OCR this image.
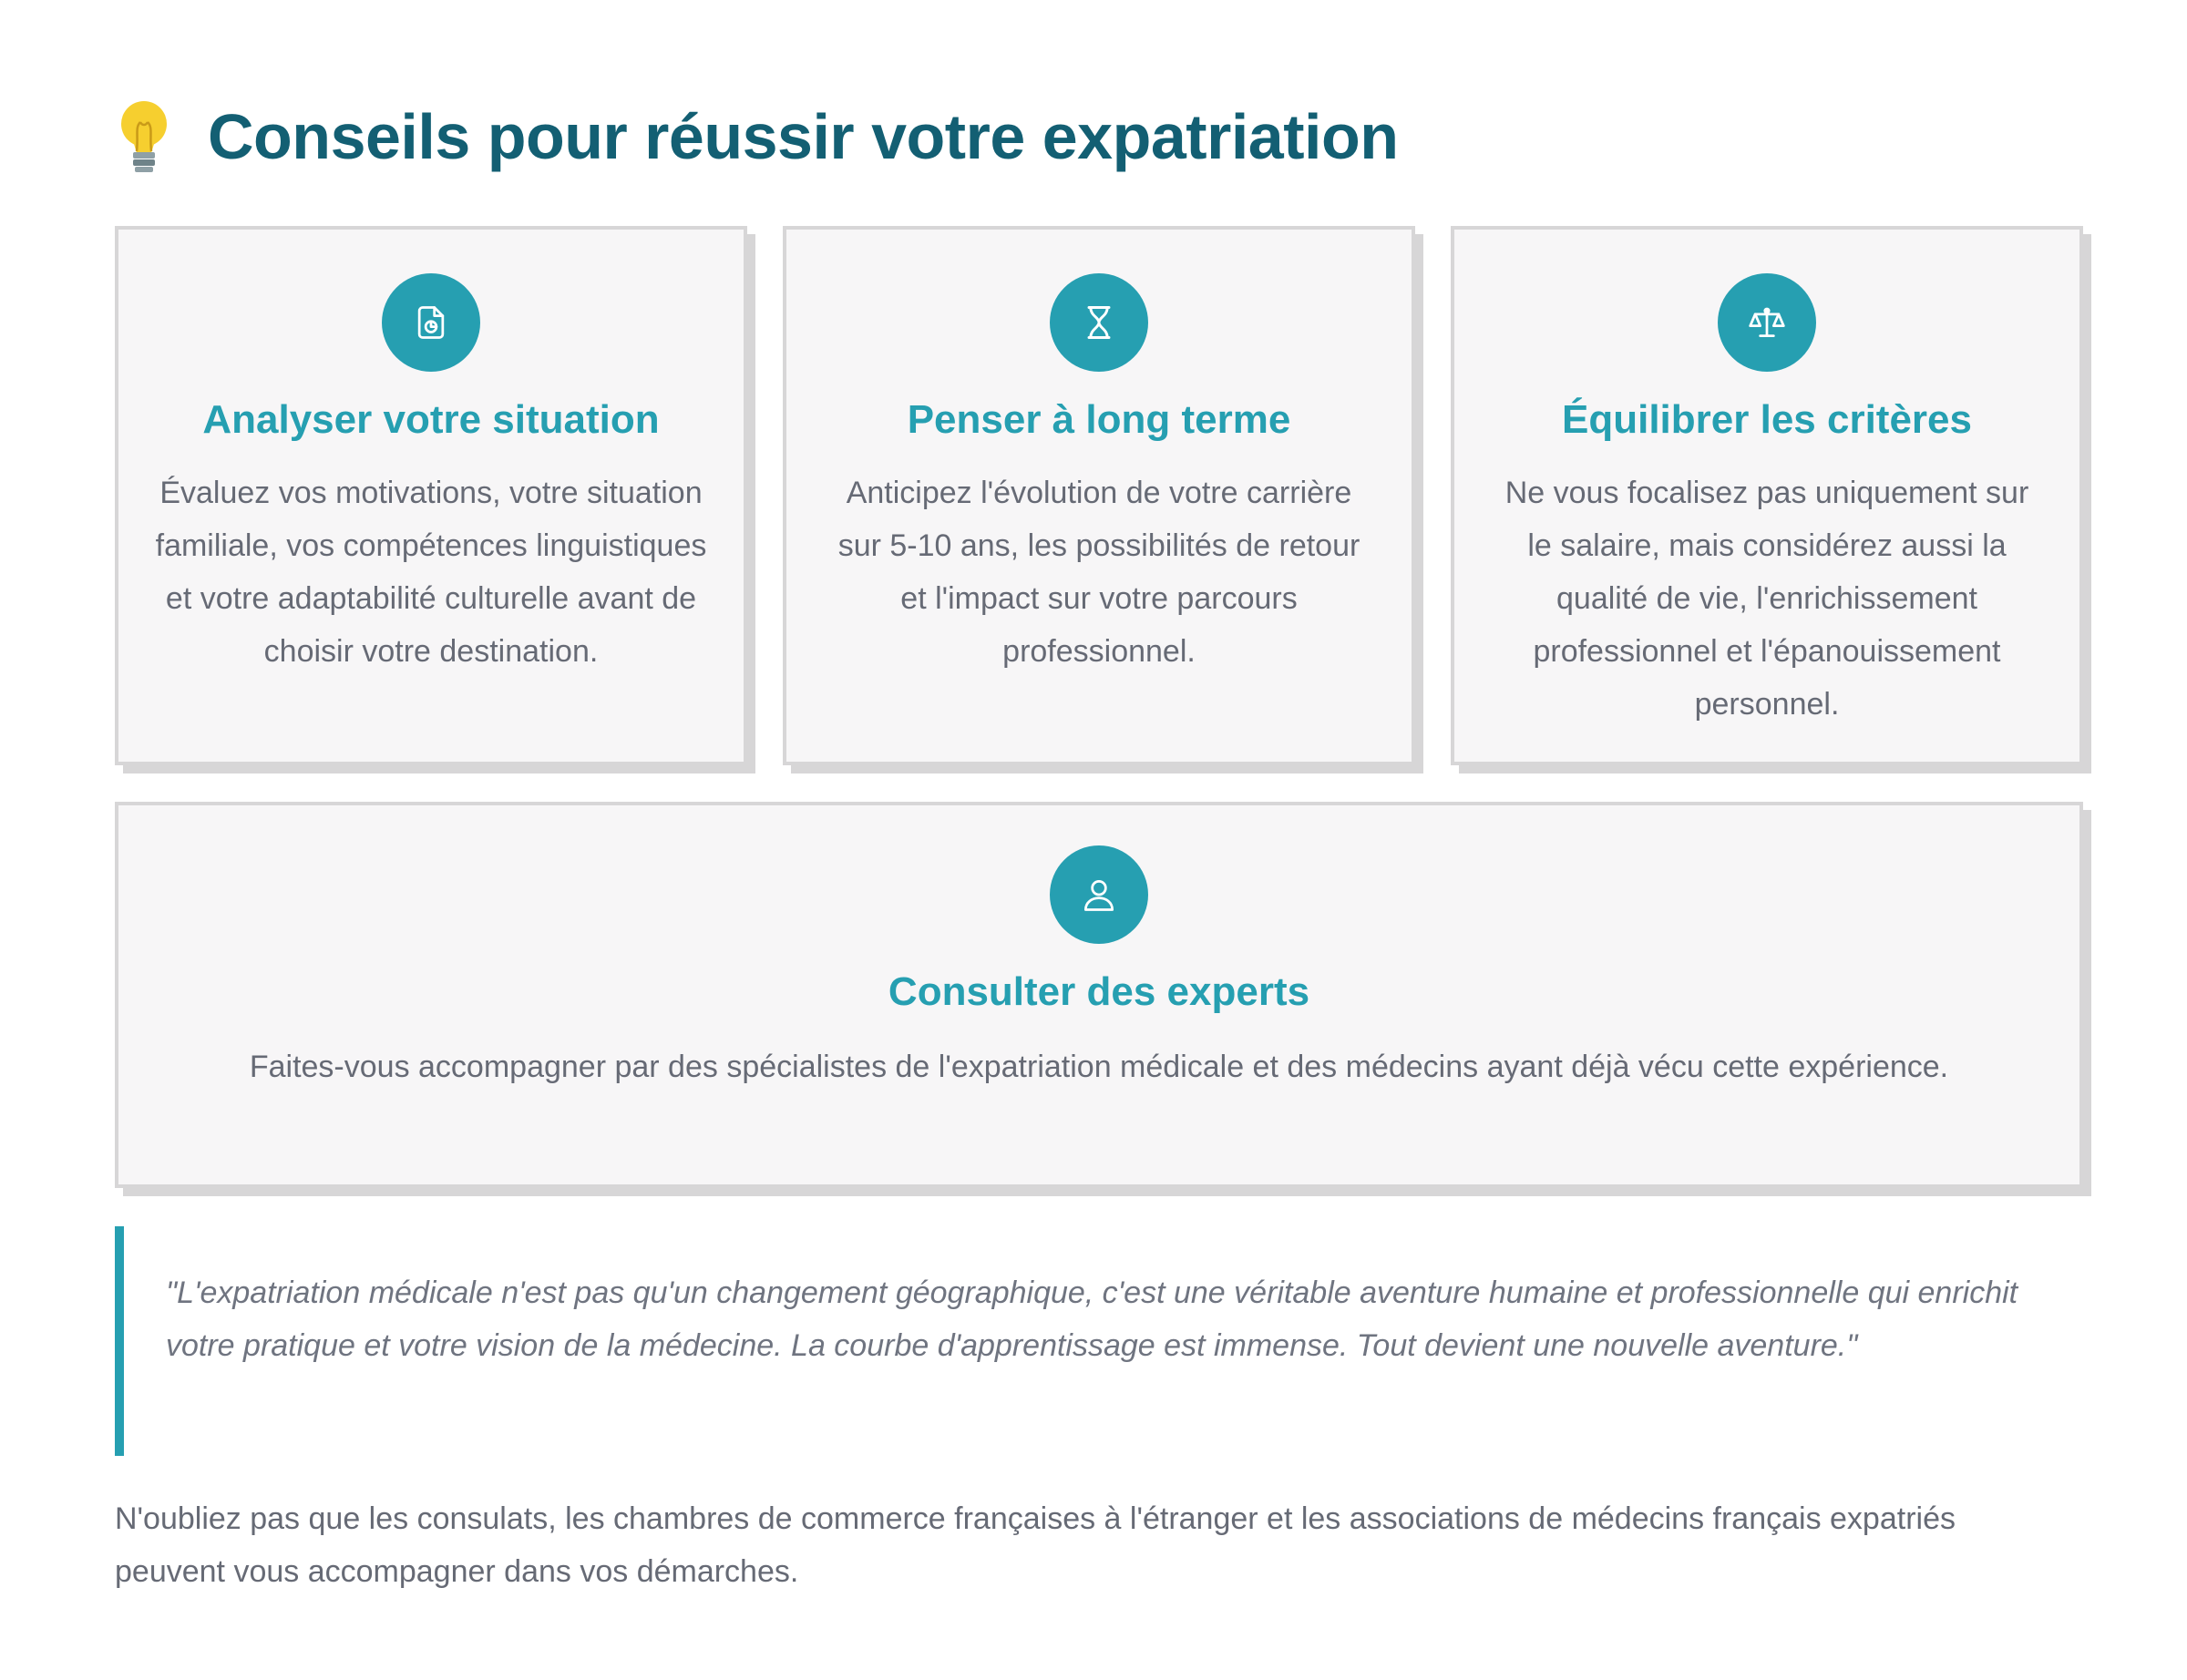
Conseils pour réussir votre expatriation
Analyser votre situation

Évaluez vos motivations, votre situation familiale, vos compétences linguistiques et votre adaptabilité culturelle avant de choisir votre destination.

Penser à long terme

Anticipez l'évolution de votre carrière sur 5-10 ans, les possibilités de retour et l'impact sur votre parcours professionnel.

Équilibrer les critères

Ne vous focalisez pas uniquement sur le salaire, mais considérez aussi la qualité de vie, l'enrichissement professionnel et l'épanouissement personnel.

Consulter des experts

Faites-vous accompagner par des spécialistes de l'expatriation médicale et des médecins ayant déjà vécu cette expérience.

"L'expatriation médicale n'est pas qu'un changement géographique, c'est une véritable aventure humaine et professionnelle qui enrichit votre pratique et votre vision de la médecine. La courbe d'apprentissage est immense. Tout devient une nouvelle aventure."

N'oubliez pas que les consulats, les chambres de commerce françaises à l'étranger et les associations de médecins français expatriés peuvent vous accompagner dans vos démarches.
